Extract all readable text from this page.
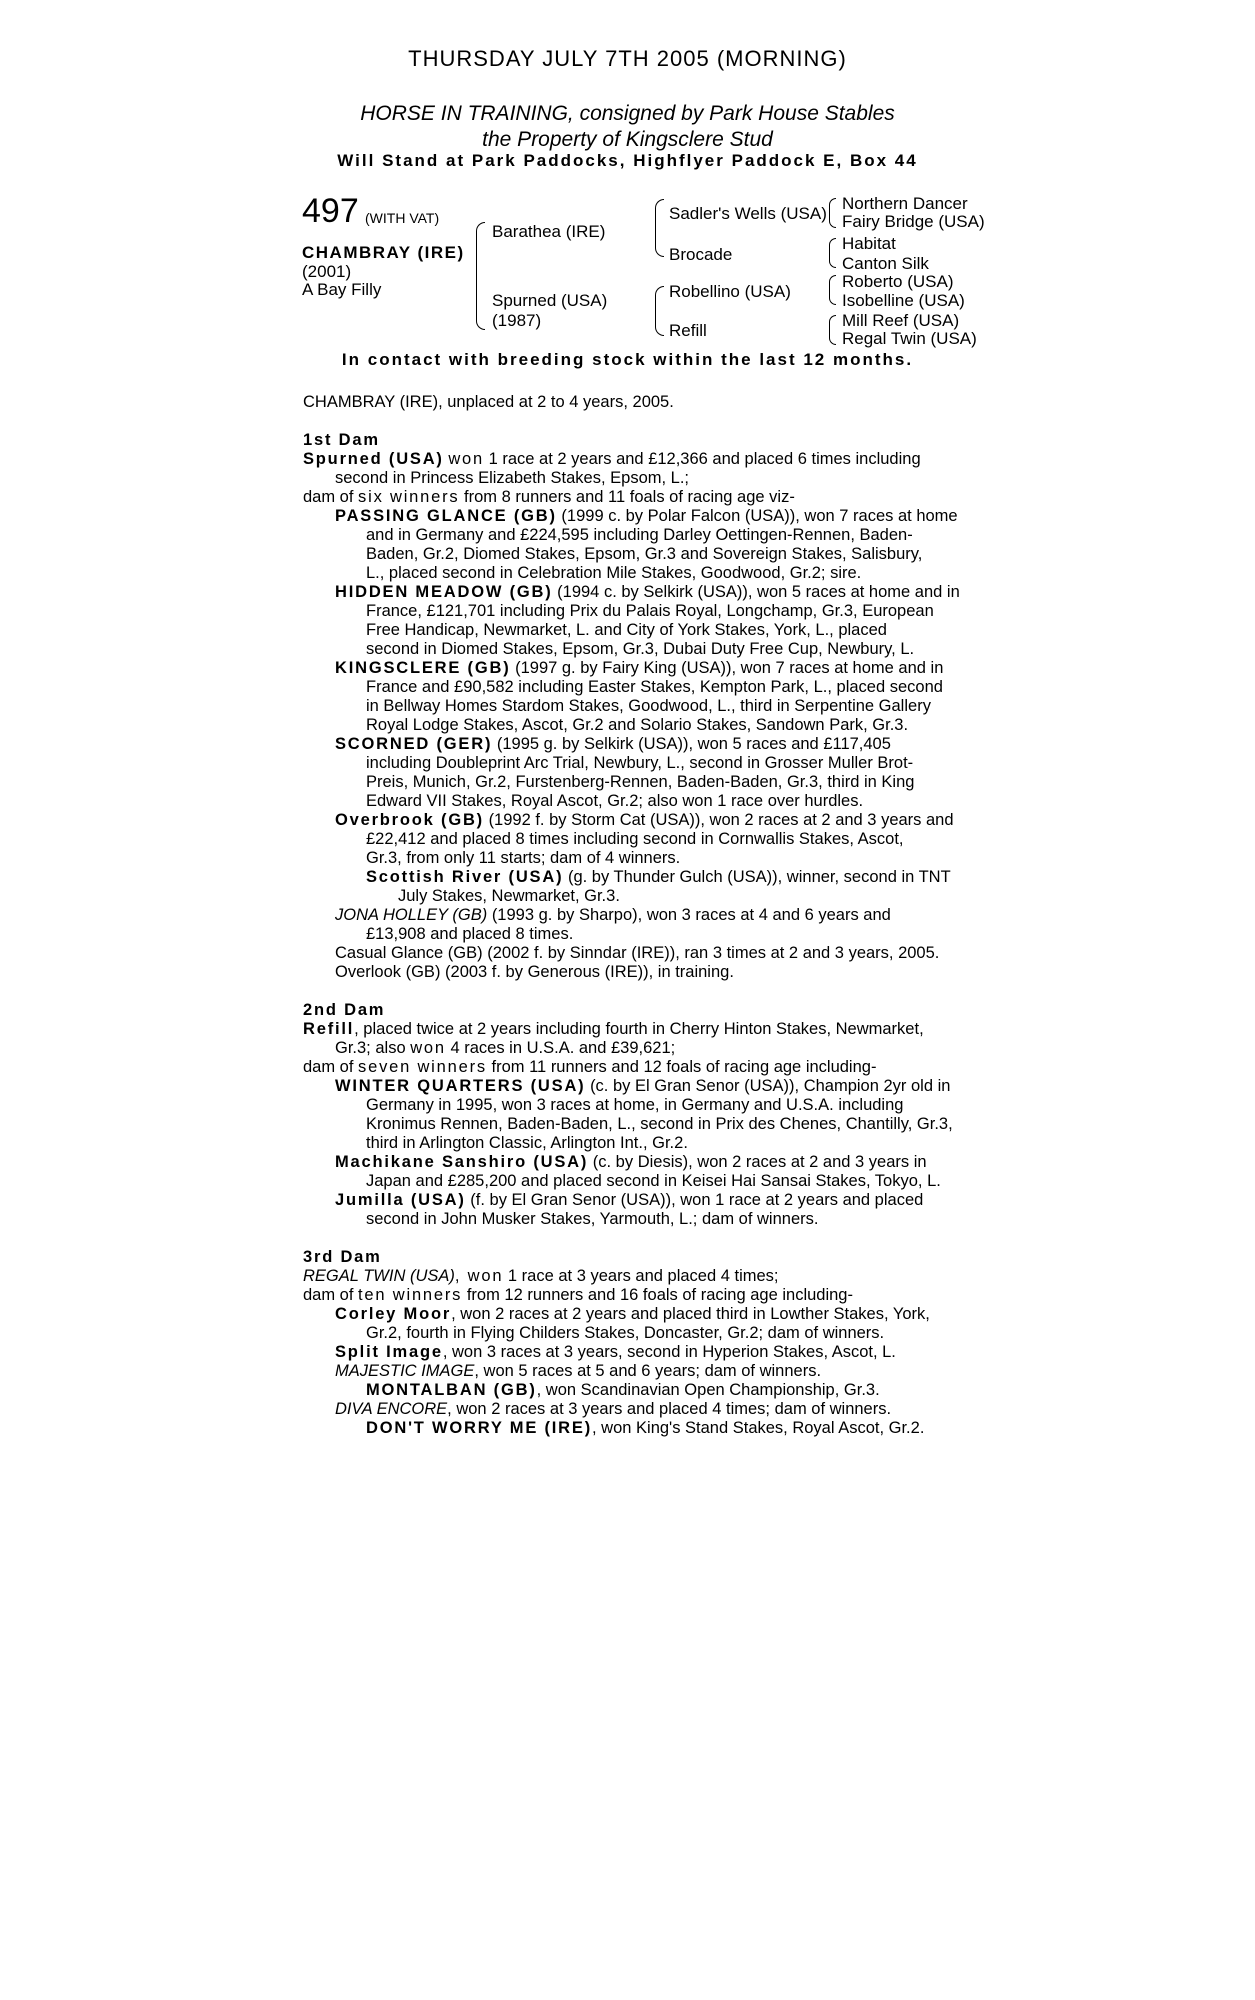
THURSDAY JULY 7TH 2005 (MORNING)
HORSE IN TRAINING, consigned by Park House Stables
the Property of Kingsclere Stud
Will Stand at Park Paddocks, Highflyer Paddock E, Box 44
497 (WITH VAT)
CHAMBRAY (IRE)
(2001)
A Bay Filly
Barathea (IRE)
Spurned (USA)
(1987)
Sadler's Wells (USA)
Brocade
Robellino (USA)
Refill
Northern Dancer
Fairy Bridge (USA)
Habitat
Canton Silk
Roberto (USA)
Isobelline (USA)
Mill Reef (USA)
Regal Twin (USA)
In contact with breeding stock within the last 12 months.
CHAMBRAY (IRE), unplaced at 2 to 4 years, 2005.
1st Dam
Spurned (USA) won 1 race at 2 years and £12,366 and placed 6 times including
second in Princess Elizabeth Stakes, Epsom, L.;
dam of six winners from 8 runners and 11 foals of racing age viz-
PASSING GLANCE (GB) (1999 c. by Polar Falcon (USA)), won 7 races at home
and in Germany and £224,595 including Darley Oettingen-Rennen, Baden-
Baden, Gr.2, Diomed Stakes, Epsom, Gr.3 and Sovereign Stakes, Salisbury,
L., placed second in Celebration Mile Stakes, Goodwood, Gr.2; sire.
HIDDEN MEADOW (GB) (1994 c. by Selkirk (USA)), won 5 races at home and in
France, £121,701 including Prix du Palais Royal, Longchamp, Gr.3, European
Free Handicap, Newmarket, L. and City of York Stakes, York, L., placed
second in Diomed Stakes, Epsom, Gr.3, Dubai Duty Free Cup, Newbury, L.
KINGSCLERE (GB) (1997 g. by Fairy King (USA)), won 7 races at home and in
France and £90,582 including Easter Stakes, Kempton Park, L., placed second
in Bellway Homes Stardom Stakes, Goodwood, L., third in Serpentine Gallery
Royal Lodge Stakes, Ascot, Gr.2 and Solario Stakes, Sandown Park, Gr.3.
SCORNED (GER) (1995 g. by Selkirk (USA)), won 5 races and £117,405
including Doubleprint Arc Trial, Newbury, L., second in Grosser Muller Brot-
Preis, Munich, Gr.2, Furstenberg-Rennen, Baden-Baden, Gr.3, third in King
Edward VII Stakes, Royal Ascot, Gr.2; also won 1 race over hurdles.
Overbrook (GB) (1992 f. by Storm Cat (USA)), won 2 races at 2 and 3 years and
£22,412 and placed 8 times including second in Cornwallis Stakes, Ascot,
Gr.3, from only 11 starts; dam of 4 winners.
Scottish River (USA) (g. by Thunder Gulch (USA)), winner, second in TNT
July Stakes, Newmarket, Gr.3.
JONA HOLLEY (GB) (1993 g. by Sharpo), won 3 races at 4 and 6 years and
£13,908 and placed 8 times.
Casual Glance (GB) (2002 f. by Sinndar (IRE)), ran 3 times at 2 and 3 years, 2005.
Overlook (GB) (2003 f. by Generous (IRE)), in training.
2nd Dam
Refill, placed twice at 2 years including fourth in Cherry Hinton Stakes, Newmarket,
Gr.3; also won 4 races in U.S.A. and £39,621;
dam of seven winners from 11 runners and 12 foals of racing age including-
WINTER QUARTERS (USA) (c. by El Gran Senor (USA)), Champion 2yr old in
Germany in 1995, won 3 races at home, in Germany and U.S.A. including
Kronimus Rennen, Baden-Baden, L., second in Prix des Chenes, Chantilly, Gr.3,
third in Arlington Classic, Arlington Int., Gr.2.
Machikane Sanshiro (USA) (c. by Diesis), won 2 races at 2 and 3 years in
Japan and £285,200 and placed second in Keisei Hai Sansai Stakes, Tokyo, L.
Jumilla (USA) (f. by El Gran Senor (USA)), won 1 race at 2 years and placed
second in John Musker Stakes, Yarmouth, L.; dam of winners.
3rd Dam
REGAL TWIN (USA), won 1 race at 3 years and placed 4 times;
dam of ten winners from 12 runners and 16 foals of racing age including-
Corley Moor, won 2 races at 2 years and placed third in Lowther Stakes, York,
Gr.2, fourth in Flying Childers Stakes, Doncaster, Gr.2; dam of winners.
Split Image, won 3 races at 3 years, second in Hyperion Stakes, Ascot, L.
MAJESTIC IMAGE, won 5 races at 5 and 6 years; dam of winners.
MONTALBAN (GB), won Scandinavian Open Championship, Gr.3.
DIVA ENCORE, won 2 races at 3 years and placed 4 times; dam of winners.
DON'T WORRY ME (IRE), won King's Stand Stakes, Royal Ascot, Gr.2.
